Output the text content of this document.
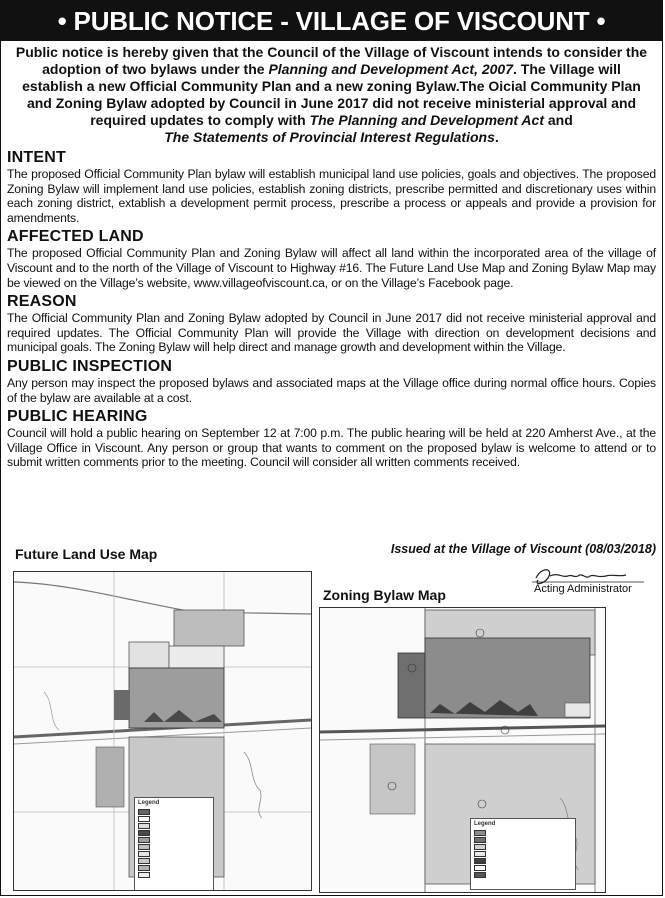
• PUBLIC NOTICE - VILLAGE OF VISCOUNT •
Public notice is hereby given that the Council of the Village of Viscount intends to consider the adoption of two bylaws under the Planning and Development Act, 2007. The Village will establish a new Official Community Plan and a new zoning Bylaw.The Oicial Community Plan and Zoning Bylaw adopted by Council in June 2017 did not receive ministerial approval and required updates to comply with The Planning and Development Act and
The Statements of Provincial Interest Regulations.
INTENT

The proposed Official Community Plan bylaw will establish municipal land use policies, goals and objectives. The proposed Zoning Bylaw will implement land use policies, establish zoning districts, prescribe permitted and discretionary uses within each zoning district, extablish a development permit process, prescribe a process or appeals and provide a provision for amendments.

AFFECTED LAND

The proposed Official Community Plan and Zoning Bylaw will affect all land within the incorporated area of the village of Viscount and to the north of the Village of Viscount to Highway #16. The Future Land Use Map and Zoning Bylaw Map may be viewed on the Village’s website, www.villageofviscount.ca, or on the Village’s Facebook page.

REASON

The Official Community Plan and Zoning Bylaw adopted by Council in June 2017 did not receive ministerial approval and required updates. The Official Community Plan will provide the Village with direction on development decisions and municipal goals. The Zoning Bylaw will help direct and manage growth and development within the Village.

PUBLIC INSPECTION

Any person may inspect the proposed bylaws and associated maps at the Village office during normal office hours. Copies of the bylaw are available at a cost.

PUBLIC HEARING

Council will hold a public hearing on September 12 at 7:00 p.m. The public hearing will be held at 220 Amherst Ave., at the Village Office in Viscount. Any person or group that wants to comment on the proposed bylaw is welcome to attend or to submit written comments prior to the meeting. Council will consider all written comments received.

Future Land Use Map	Issued at the Village of Viscount (08/03/2018)
Acting Administrator
Zoning Bylaw Map
Legend
Legend
